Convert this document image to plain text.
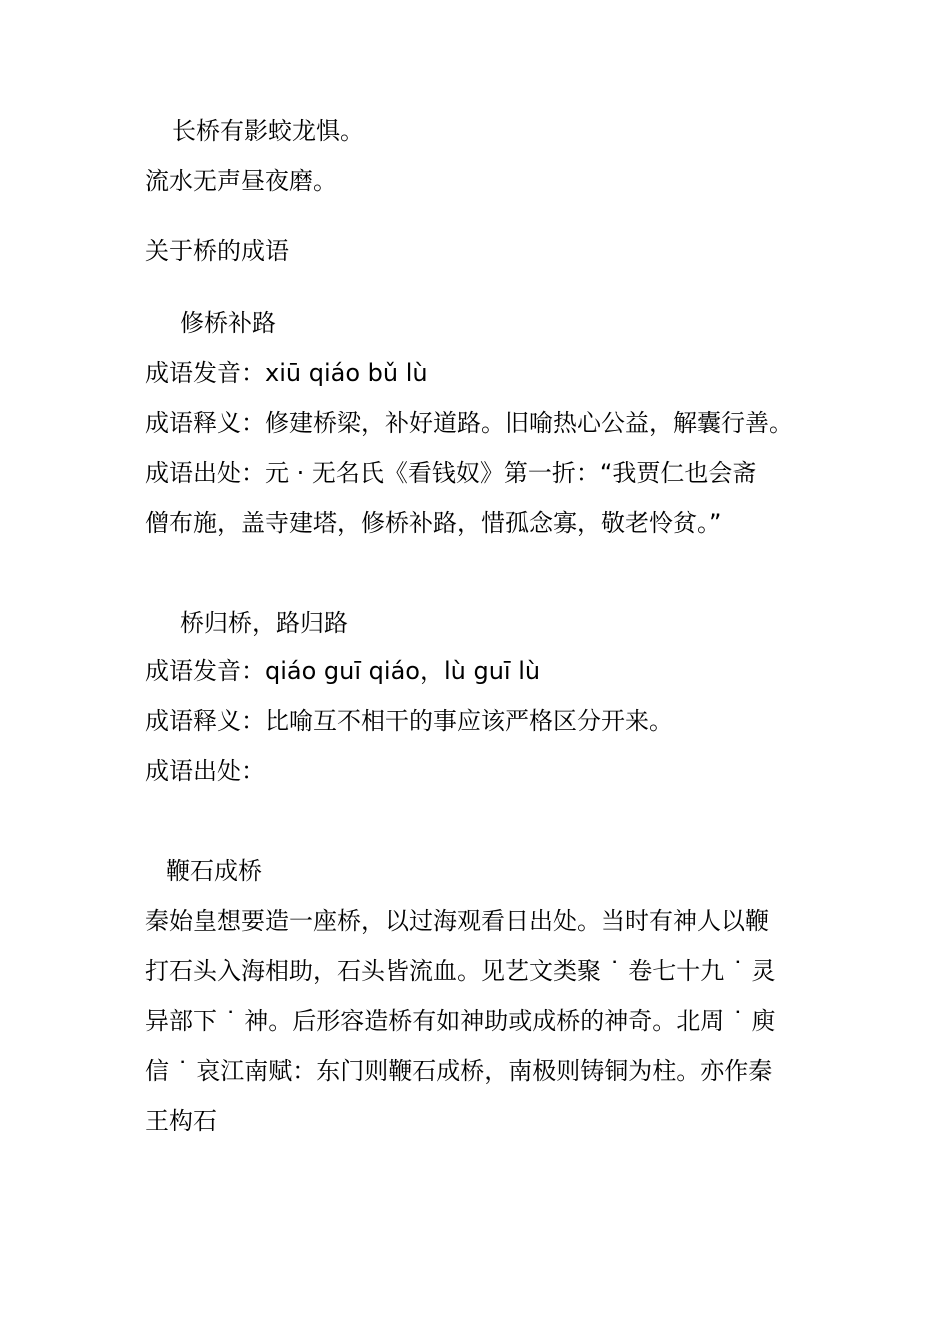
长桥有影蛟龙惧。
流水无声昼夜磨。
关于桥的成语
修桥补路
成语发音：xiū qiáo bǔ lù
成语释义：修建桥梁，补好道路。旧喻热心公益，解囊行善。
成语出处：元 · 无名氏《看钱奴》第一折：“我贾仁也会斋
僧布施，盖寺建塔，修桥补路，惜孤念寡，敬老怜贫。”
桥归桥，路归路
成语发音：qiáo guī qiáo，lù guī lù
成语释义：比喻互不相干的事应该严格区分开来。
成语出处：
鞭石成桥
秦始皇想要造一座桥，以过海观看日出处。当时有神人以鞭
打石头入海相助，石头皆流血。见艺文类聚 ˙ 卷七十九 ˙ 灵
异部下 ˙ 神。后形容造桥有如神助或成桥的神奇。北周 ˙ 庾
信 ˙ 哀江南赋：东门则鞭石成桥，南极则铸铜为柱。亦作秦
王构石
